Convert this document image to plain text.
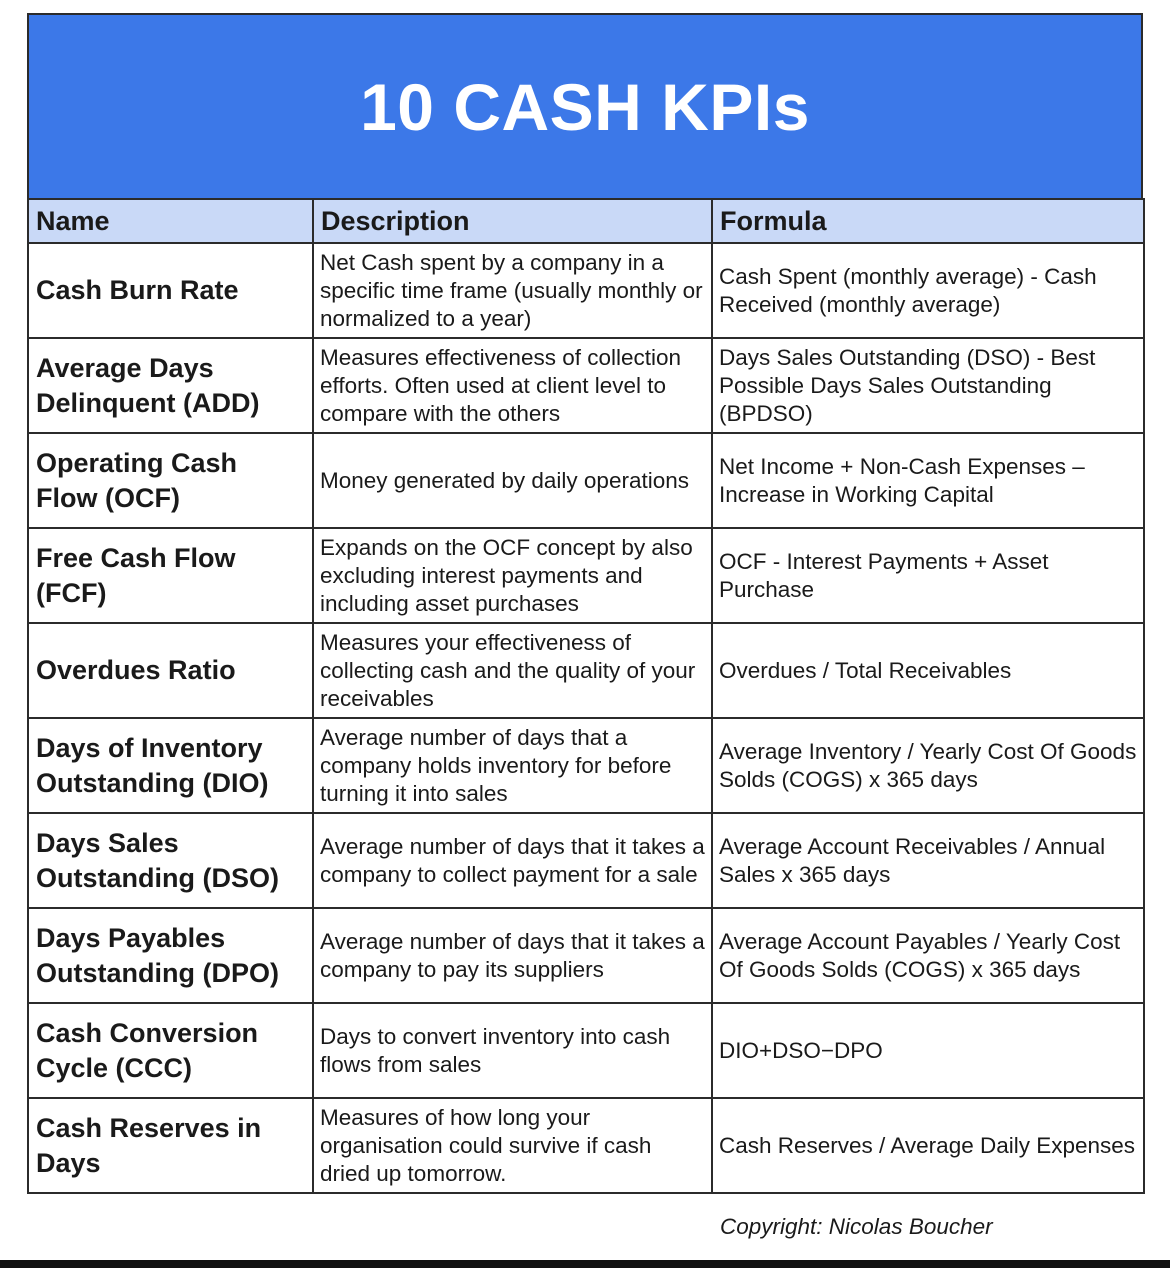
10 CASH KPIs
Name	Description	Formula
Cash Burn Rate	Net Cash spent by a company in a specific time frame (usually monthly or normalized to a year)	Cash Spent (monthly average) - Cash Received (monthly average)
Average Days Delinquent (ADD)	Measures effectiveness of collection efforts. Often used at client level to compare with the others	Days Sales Outstanding (DSO) - Best Possible Days Sales Outstanding (BPDSO)
Operating Cash Flow (OCF)	Money generated by daily operations	Net Income + Non-Cash Expenses – Increase in Working Capital
Free Cash Flow (FCF)	Expands on the OCF concept by also excluding interest payments and including asset purchases	OCF - Interest Payments + Asset Purchase
Overdues Ratio	Measures your effectiveness of collecting cash and the quality of your receivables	Overdues / Total Receivables
Days of Inventory Outstanding (DIO)	Average number of days that a company holds inventory for before turning it into sales	Average Inventory / Yearly Cost Of Goods Solds (COGS) x 365 days
Days Sales Outstanding (DSO)	Average number of days that it takes a company to collect payment for a sale	Average Account Receivables / Annual Sales x 365 days
Days Payables Outstanding (DPO)	Average number of days that it takes a company to pay its suppliers	Average Account Payables / Yearly Cost Of Goods Solds (COGS) x 365 days
Cash Conversion Cycle (CCC)	Days to convert inventory into cash flows from sales	DIO+DSO−DPO
Cash Reserves in Days	Measures of how long your organisation could survive if cash dried up tomorrow.	Cash Reserves / Average Daily Expenses
Copyright: Nicolas Boucher
